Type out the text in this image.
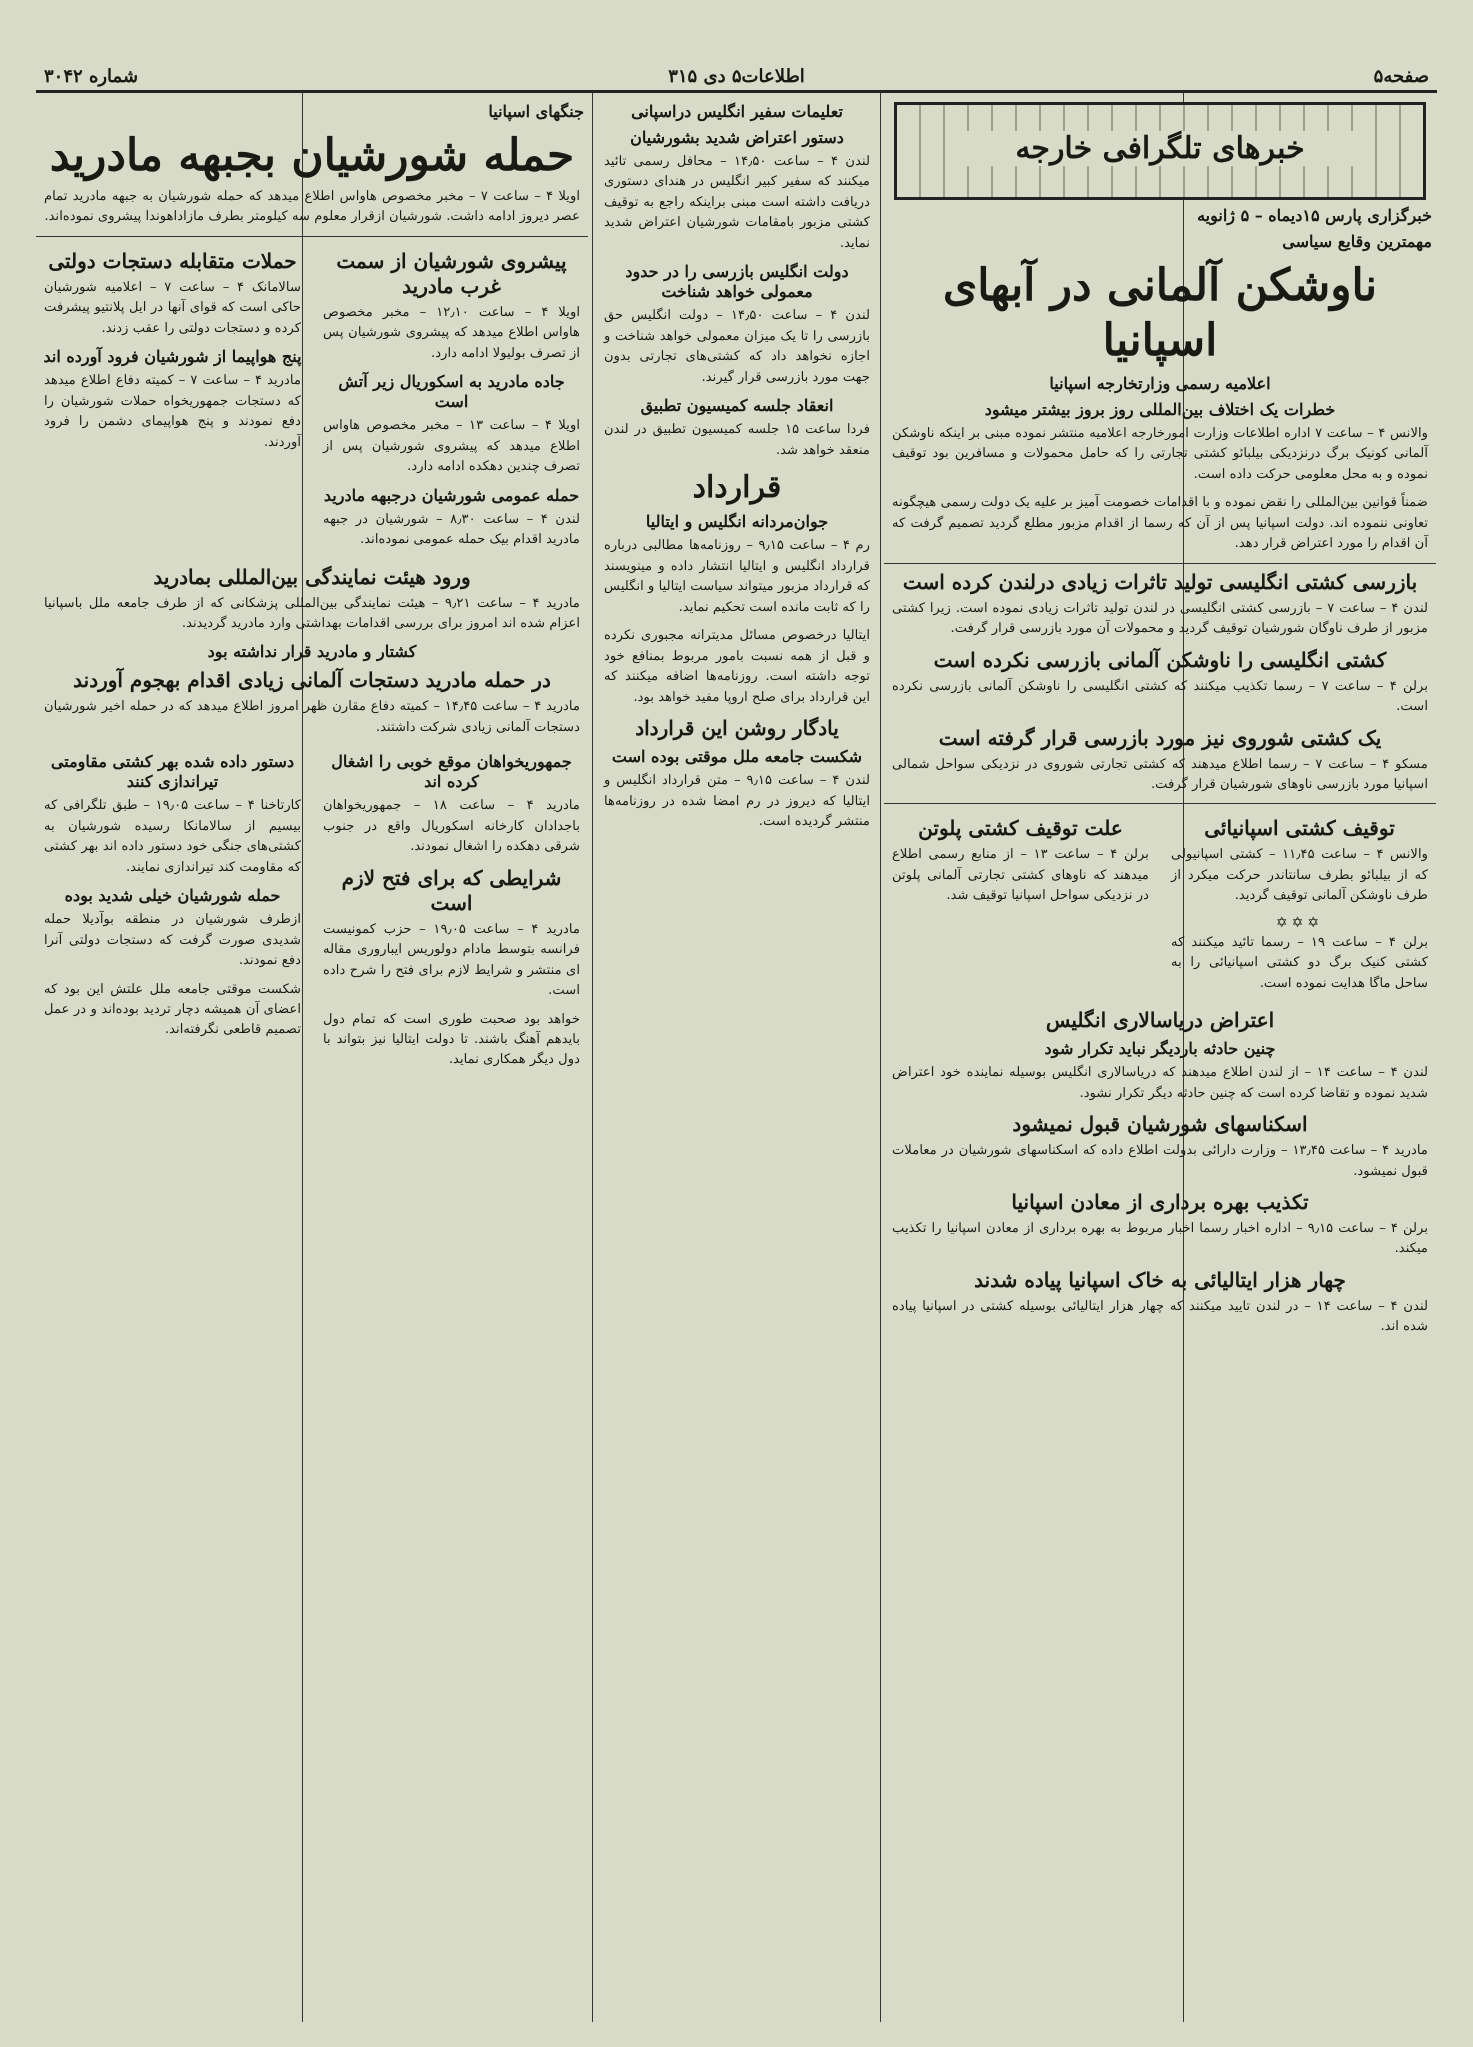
صفحه۵
اطلاعات۵ دی ۳۱۵
شماره ۳۰۴۲
خبرهای تلگرافی خارجه
خبرگزاری پارس ۱۵دیماه – ۵ ژانویه
مهمترین وقایع سیاسی
ناوشکن آلمانی در آبهای اسپانیا
اعلامیه رسمی وزارتخارجه اسپانیا
خطرات یک اختلاف بین‌المللی روز بروز بیشتر میشود
والانس ۴ – ساعت ۷ اداره اطلاعات وزارت امورخارجه اعلامیه منتشر نموده مبنی بر اینکه ناوشکن آلمانی کونیک برگ درنزدیکی بیلبائو کشتی تجارتی را که حامل محمولات و مسافرین بود توقیف نموده و به محل معلومی حرکت داده است.
ضمناً قوانین بین‌المللی را نقض نموده و با اقدامات خصومت آمیز بر علیه یک دولت رسمی هیچگونه تعاونی ننموده اند. دولت اسپانیا پس از آن که رسما از اقدام مزبور مطلع گردید تصمیم گرفت که آن اقدام را مورد اعتراض قرار دهد.
بازرسی کشتی انگلیسی تولید تاثرات زیادی درلندن کرده است
لندن ۴ – ساعت ۷ – بازرسی کشتی انگلیسی در لندن تولید تاثرات زیادی نموده است. زیرا کشتی مزبور از طرف ناوگان شورشیان توقیف گردید و محمولات آن مورد بازرسی قرار گرفت.
کشتی انگلیسی را ناوشکن آلمانی بازرسی نکرده است
برلن ۴ – ساعت ۷ – رسما تکذیب میکنند که کشتی انگلیسی را ناوشکن آلمانی بازرسی نکرده است.
یک کشتی شوروی نیز مورد بازرسی قرار گرفته است
مسکو ۴ – ساعت ۷ – رسما اطلاع میدهند که کشتی تجارتی شوروی در نزدیکی سواحل شمالی اسپانیا مورد بازرسی ناوهای شورشیان قرار گرفت.
توقیف کشتی اسپانیائی
والانس ۴ – ساعت ۱۱٫۴۵ – کشتی اسپانیولی که از بیلبائو بطرف سانتاندر حرکت میکرد از طرف ناوشکن آلمانی توقیف گردید.
✡✡✡
برلن ۴ – ساعت ۱۹ – رسما تائید میکنند که کشتی کنیک برگ دو کشتی اسپانیائی را به ساحل ماگا هدایت نموده است.
علت توقیف کشتی پلوتن
برلن ۴ – ساعت ۱۳ – از منابع رسمی اطلاع میدهند که ناوهای کشتی تجارتی آلمانی پلوتن در نزدیکی سواحل اسپانیا توقیف شد.
اعتراض دریاسالاری انگلیس
چنین حادثه باردیگر نباید تکرار شود
لندن ۴ – ساعت ۱۴ – از لندن اطلاع میدهند که دریاسالاری انگلیس بوسیله نماینده خود اعتراض شدید نموده و تقاضا کرده است که چنین حادثه دیگر تکرار نشود.
اسکناسهای شورشیان قبول نمیشود
مادرید ۴ – ساعت ۱۳٫۴۵ – وزارت دارائی بدولت اطلاع داده که اسکناسهای شورشیان در معاملات قبول نمیشود.
تکذیب بهره برداری از معادن اسپانیا
برلن ۴ – ساعت ۹٫۱۵ – اداره اخبار رسما اخبار مربوط به بهره برداری از معادن اسپانیا را تکذیب میکند.
چهار هزار ایتالیائی به خاک اسپانیا پیاده شدند
لندن ۴ – ساعت ۱۴ – در لندن تایید میکنند که چهار هزار ایتالیائی بوسیله کشتی در اسپانیا پیاده شده اند.
تعلیمات سفیر انگلیس دراسپانی
دستور اعتراض شدید بشورشیان
لندن ۴ – ساعت ۱۴٫۵۰ – محافل رسمی تائید میکنند که سفیر کبیر انگلیس در هندای دستوری دریافت داشته است مبنی براینکه راجع به توقیف کشتی مزبور بامقامات شورشیان اعتراض شدید نماید.
دولت انگلیس بازرسی را در حدود معمولی خواهد شناخت
لندن ۴ – ساعت ۱۴٫۵۰ – دولت انگلیس حق بازرسی را تا یک میزان معمولی خواهد شناخت و اجازه نخواهد داد که کشتی‌های تجارتی بدون جهت مورد بازرسی قرار گیرند.
انعقاد جلسه کمیسیون تطبیق
فردا ساعت ۱۵ جلسه کمیسیون تطبیق در لندن منعقد خواهد شد.
قرارداد
جوان‌مردانه انگلیس و ایتالیا
رم ۴ – ساعت ۹٫۱۵ – روزنامه‌ها مطالبی درباره قرارداد انگلیس و ایتالیا انتشار داده و مینویسند که قرارداد مزبور میتواند سیاست ایتالیا و انگلیس را که ثابت مانده است تحکیم نماید.
ایتالیا درخصوص مسائل مدیترانه مجبوری نکرده و قبل از همه نسبت بامور مربوط بمنافع خود توجه داشته است. روزنامه‌ها اضافه میکنند که این قرارداد برای صلح اروپا مفید خواهد بود.
یادگار روشن این قرارداد
شکست جامعه ملل موقتی بوده است
لندن ۴ – ساعت ۹٫۱۵ – متن قرارداد انگلیس و ایتالیا که دیروز در رم امضا شده در روزنامه‌ها منتشر گردیده است.
جنگهای اسپانیا
حمله شورشیان بجبهه مادرید
اویلا ۴ – ساعت ۷ – مخبر مخصوص هاواس اطلاع میدهد که حمله شورشیان به جبهه مادرید تمام عصر دیروز ادامه داشت. شورشیان ازقرار معلوم سه کیلومتر بطرف مازاداهوندا پیشروی نموده‌اند.
پیشروی شورشیان از سمت غرب مادرید
اویلا ۴ – ساعت ۱۲٫۱۰ – مخبر مخصوص هاواس اطلاع میدهد که پیشروی شورشیان پس از تصرف بولیولا ادامه دارد.
جاده مادرید به اسکوریال زیر آتش است
اویلا ۴ – ساعت ۱۳ – مخبر مخصوص هاواس اطلاع میدهد که پیشروی شورشیان پس از تصرف چندین دهکده ادامه دارد.
حمله عمومی شورشیان درجبهه مادرید
لندن ۴ – ساعت ۸٫۳۰ – شورشیان در جبهه مادرید اقدام بیک حمله عمومی نموده‌اند.
حملات متقابله دستجات دولتی
سالامانک ۴ – ساعت ۷ – اعلامیه شورشیان حاکی است که قوای آنها در ایل پلانتیو پیشرفت کرده و دستجات دولتی را عقب زدند.
پنج هواپیما از شورشیان فرود آورده اند
مادرید ۴ – ساعت ۷ – کمیته دفاع اطلاع میدهد که دستجات جمهوریخواه حملات شورشیان را دفع نمودند و پنج هواپیمای دشمن را فرود آوردند.
ورود هیئت نمایندگی بین‌المللی بمادرید
مادرید ۴ – ساعت ۹٫۲۱ – هیئت نمایندگی بین‌المللی پزشکانی که از طرف جامعه ملل باسپانیا اعزام شده اند امروز برای بررسی اقدامات بهداشتی وارد مادرید گردیدند.
کشتار و مادرید قرار نداشته بود
در حمله مادرید دستجات آلمانی زیادی اقدام بهجوم آوردند
مادرید ۴ – ساعت ۱۴٫۴۵ – کمیته دفاع مقارن ظهر امروز اطلاع میدهد که در حمله اخیر شورشیان دستجات آلمانی زیادی شرکت داشتند.
جمهوریخواهان موقع خوبی را اشغال کرده اند
مادرید ۴ – ساعت ۱۸ – جمهوریخواهان باجدادان کارخانه اسکوریال واقع در جنوب شرقی دهکده را اشغال نمودند.
شرایطی که برای فتح لازم است
مادرید ۴ – ساعت ۱۹٫۰۵ – حزب کمونیست فرانسه بتوسط مادام دولوریس ایباروری مقاله ای منتشر و شرایط لازم برای فتح را شرح داده است.
خواهد بود صحبت طوری است که تمام دول بایدهم آهنگ باشند. تا دولت ایتالیا نیز بتواند با دول دیگر همکاری نماید.
دستور داده شده بهر کشتی مقاومتی تیراندازی کنند
کارتاخنا ۴ – ساعت ۱۹٫۰۵ – طبق تلگرافی که بیسیم از سالامانکا رسیده شورشیان به کشتی‌های جنگی خود دستور داده اند بهر کشتی که مقاومت کند تیراندازی نمایند.
حمله شورشیان خیلی شدید بوده
ازطرف شورشیان در منطقه بوآدیلا حمله شدیدی صورت گرفت که دستجات دولتی آنرا دفع نمودند.
شکست موقتی جامعه ملل علتش این بود که اعضای آن همیشه دچار تردید بوده‌اند و در عمل تصمیم قاطعی نگرفته‌اند.
